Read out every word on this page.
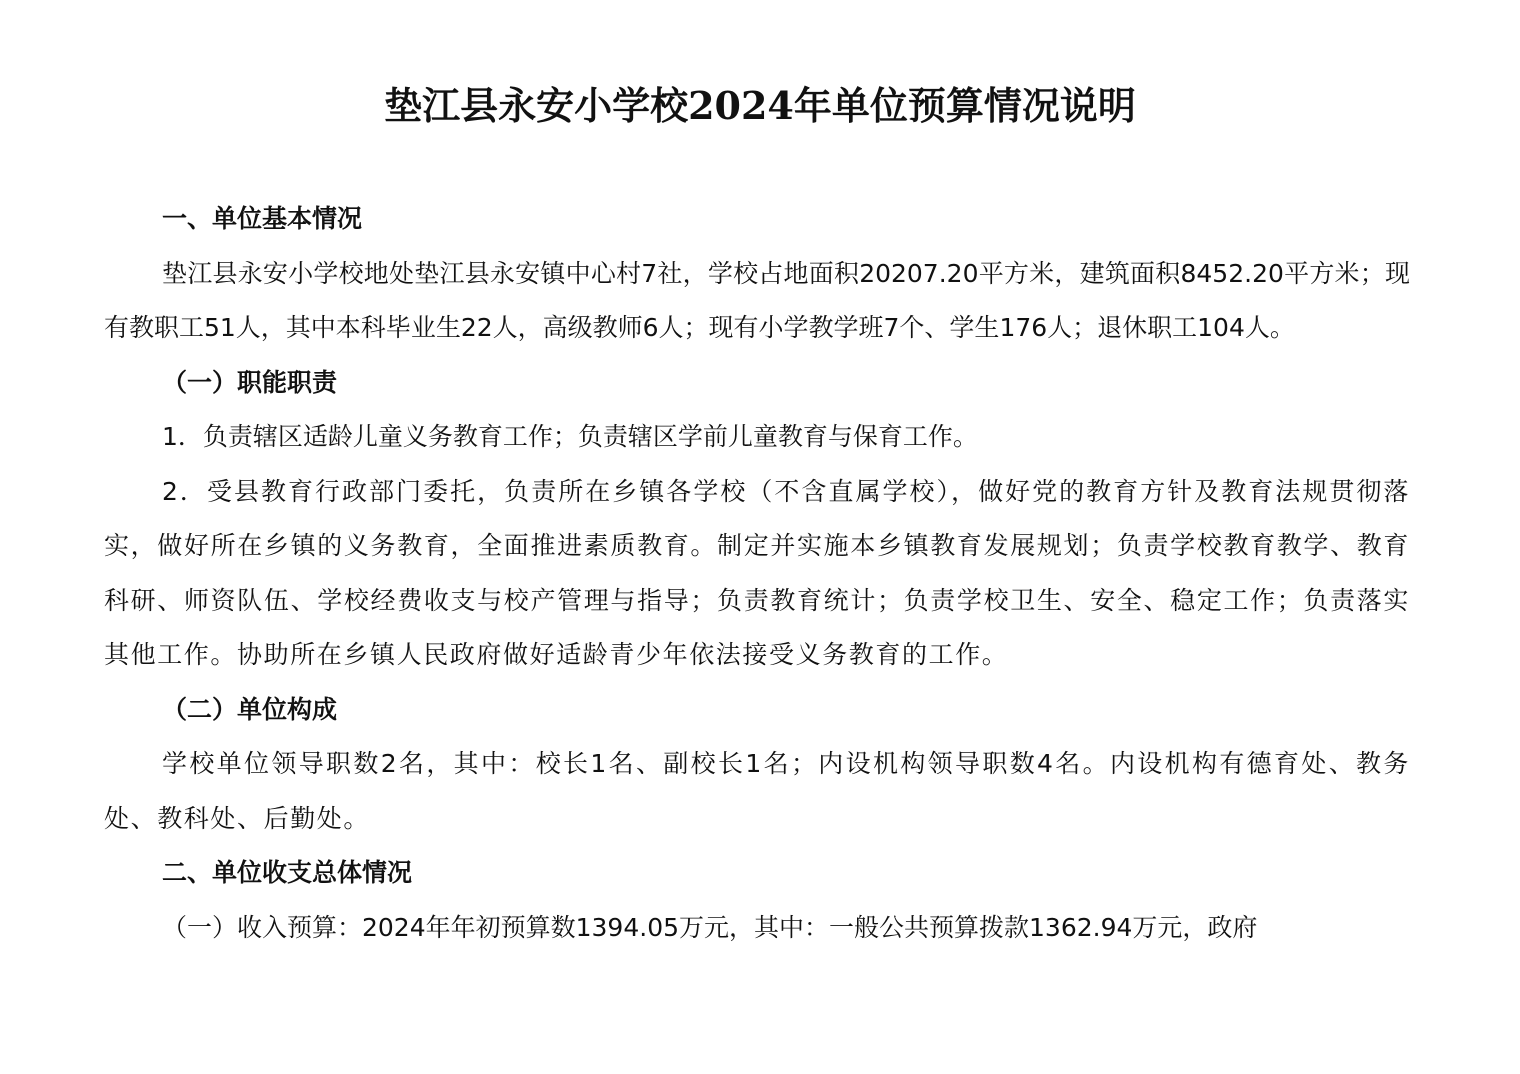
垫江县永安小学校2024年单位预算情况说明

一、单位基本情况

垫江县永安小学校地处垫江县永安镇中心村7社，学校占地面积20207.20平方米，建筑面积8452.20平方米；现有教职工51人，其中本科毕业生22人，高级教师6人；现有小学教学班7个、学生176人；退休职工104人。

（一）职能职责

1．负责辖区适龄儿童义务教育工作；负责辖区学前儿童教育与保育工作。

2．受县教育行政部门委托，负责所在乡镇各学校（不含直属学校），做好党的教育方针及教育法规贯彻落实，做好所在乡镇的义务教育，全面推进素质教育。制定并实施本乡镇教育发展规划；负责学校教育教学、教育科研、师资队伍、学校经费收支与校产管理与指导；负责教育统计；负责学校卫生、安全、稳定工作；负责落实其他工作。协助所在乡镇人民政府做好适龄青少年依法接受义务教育的工作。

（二）单位构成

学校单位领导职数2名，其中：校长1名、副校长1名；内设机构领导职数4名。内设机构有德育处、教务处、教科处、后勤处。

二、单位收支总体情况

（一）收入预算：2024年年初预算数1394.05万元，其中：一般公共预算拨款1362.94万元，政府
